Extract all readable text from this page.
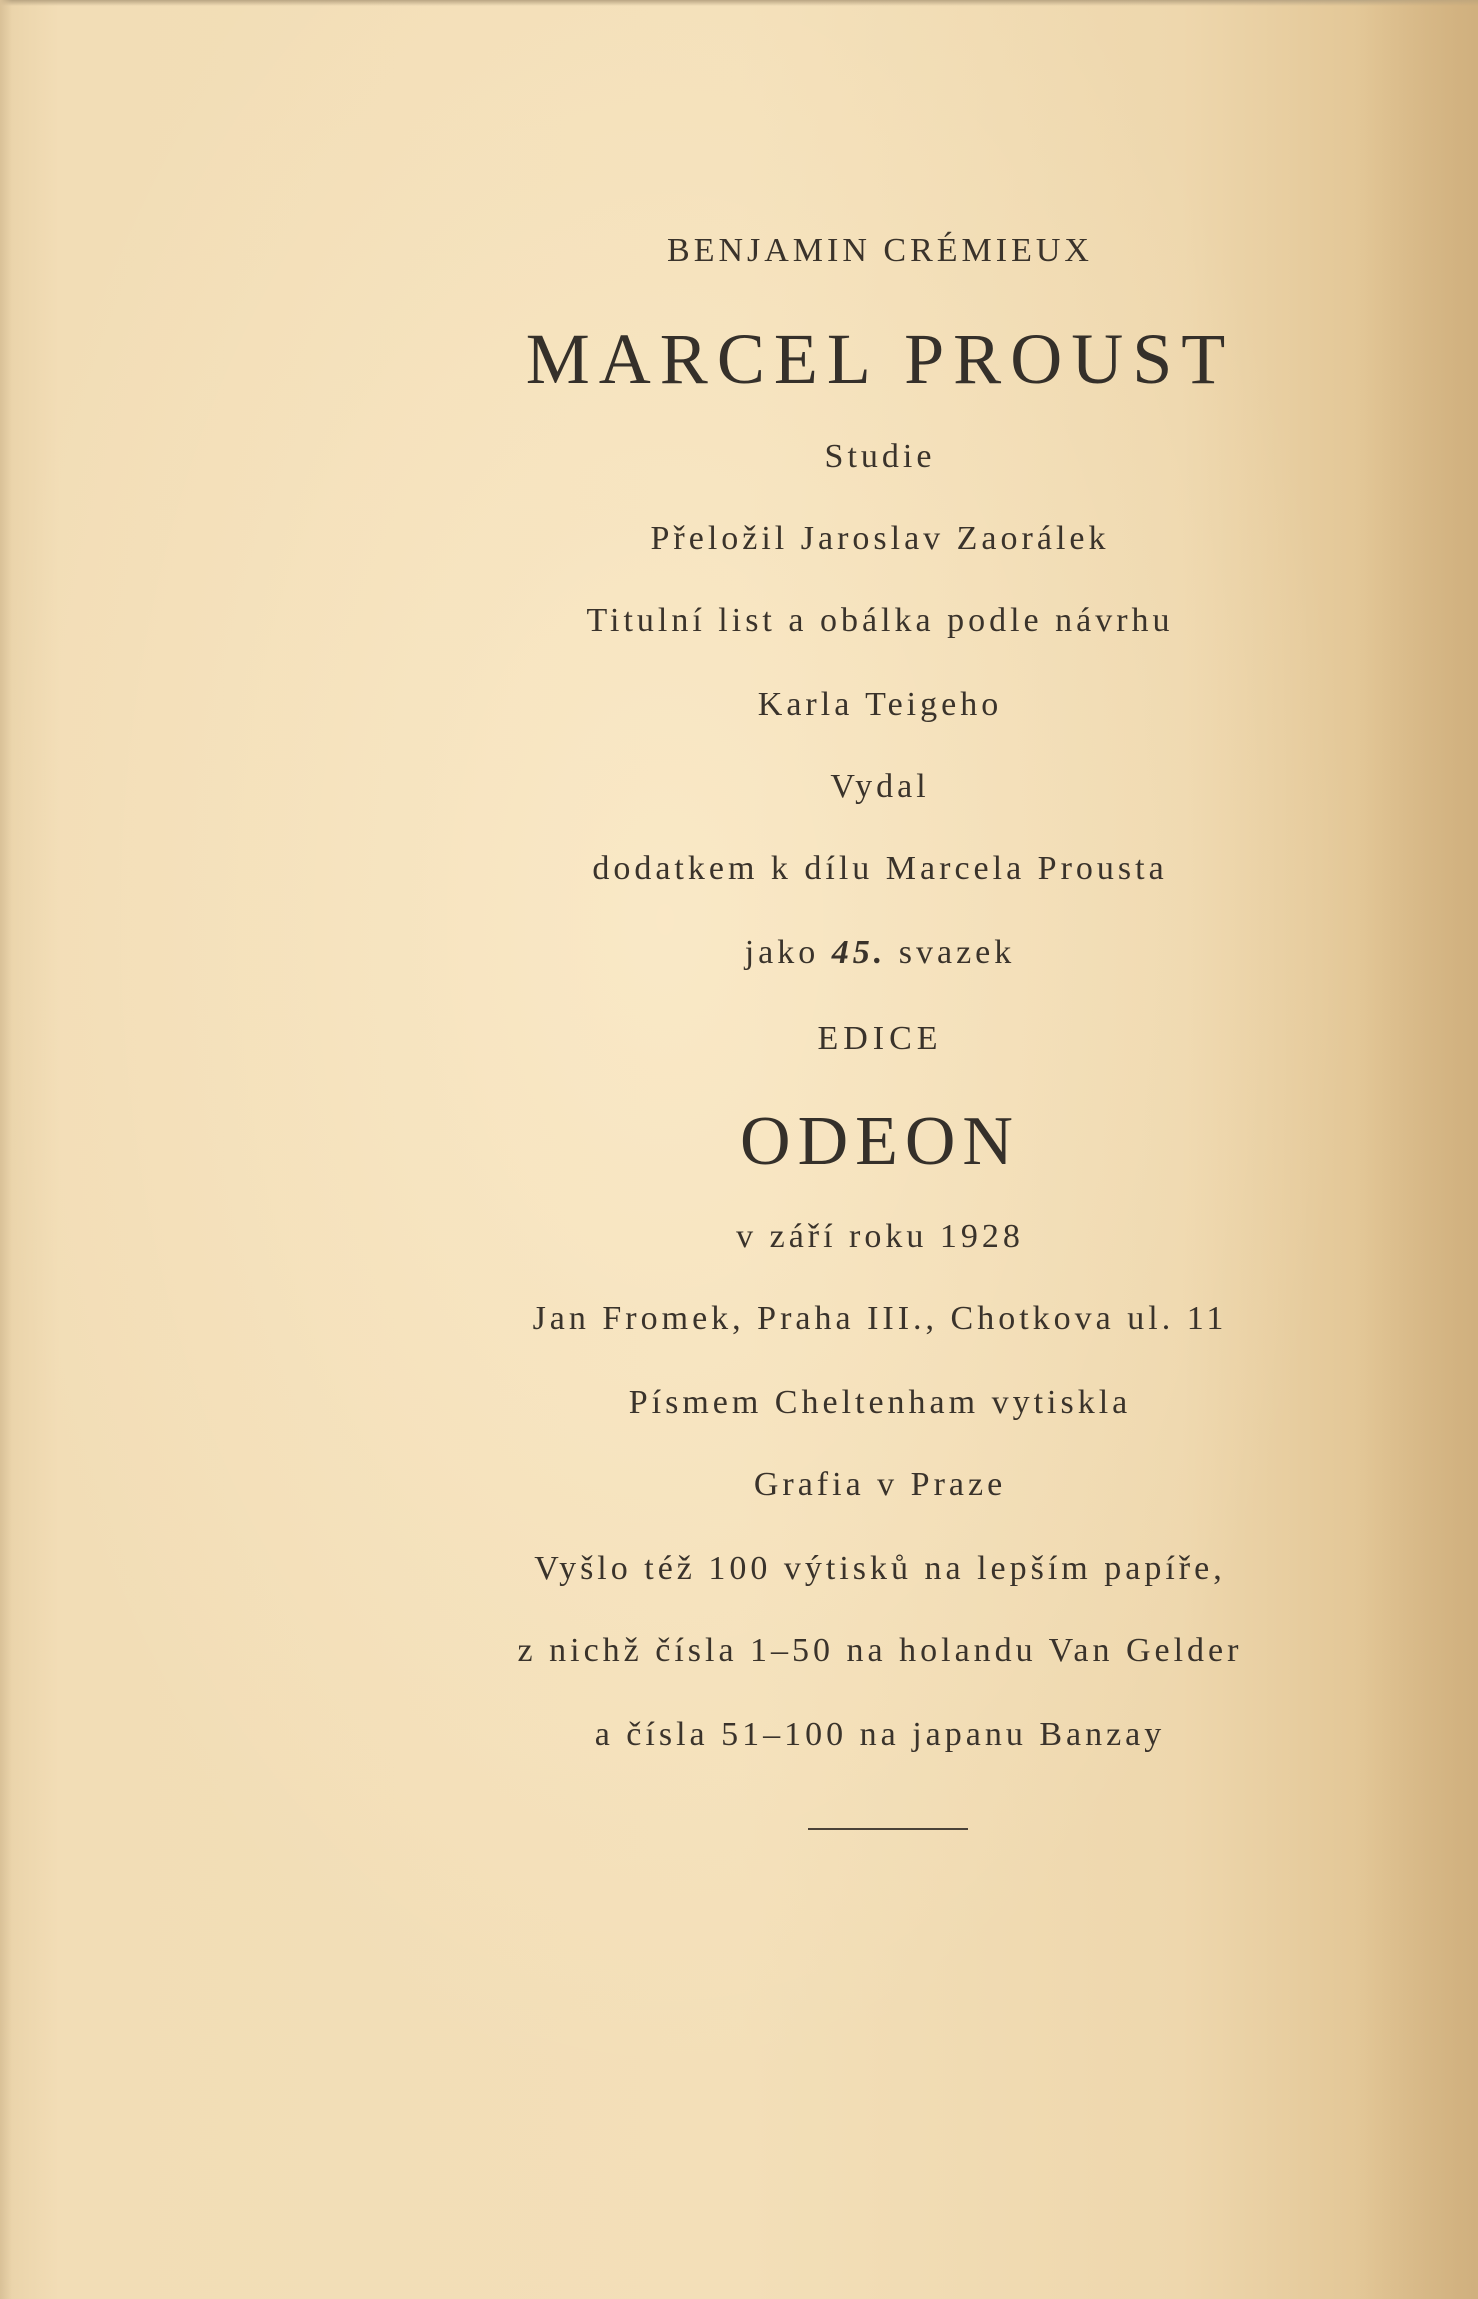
BENJAMIN CRÉMIEUX
MARCEL PROUST
Studie
Přeložil Jaroslav Zaorálek
Titulní list a obálka podle návrhu
Karla Teigeho
Vydal
dodatkem k dílu Marcela Prousta
jako 45. svazek
EDICE
ODEON
v září roku 1928
Jan Fromek, Praha III., Chotkova ul. 11
Písmem Cheltenham vytiskla
Grafia v Praze
Vyšlo též 100 výtisků na lepším papíře,
z nichž čísla 1–50 na holandu Van Gelder
a čísla 51–100 na japanu Banzay
